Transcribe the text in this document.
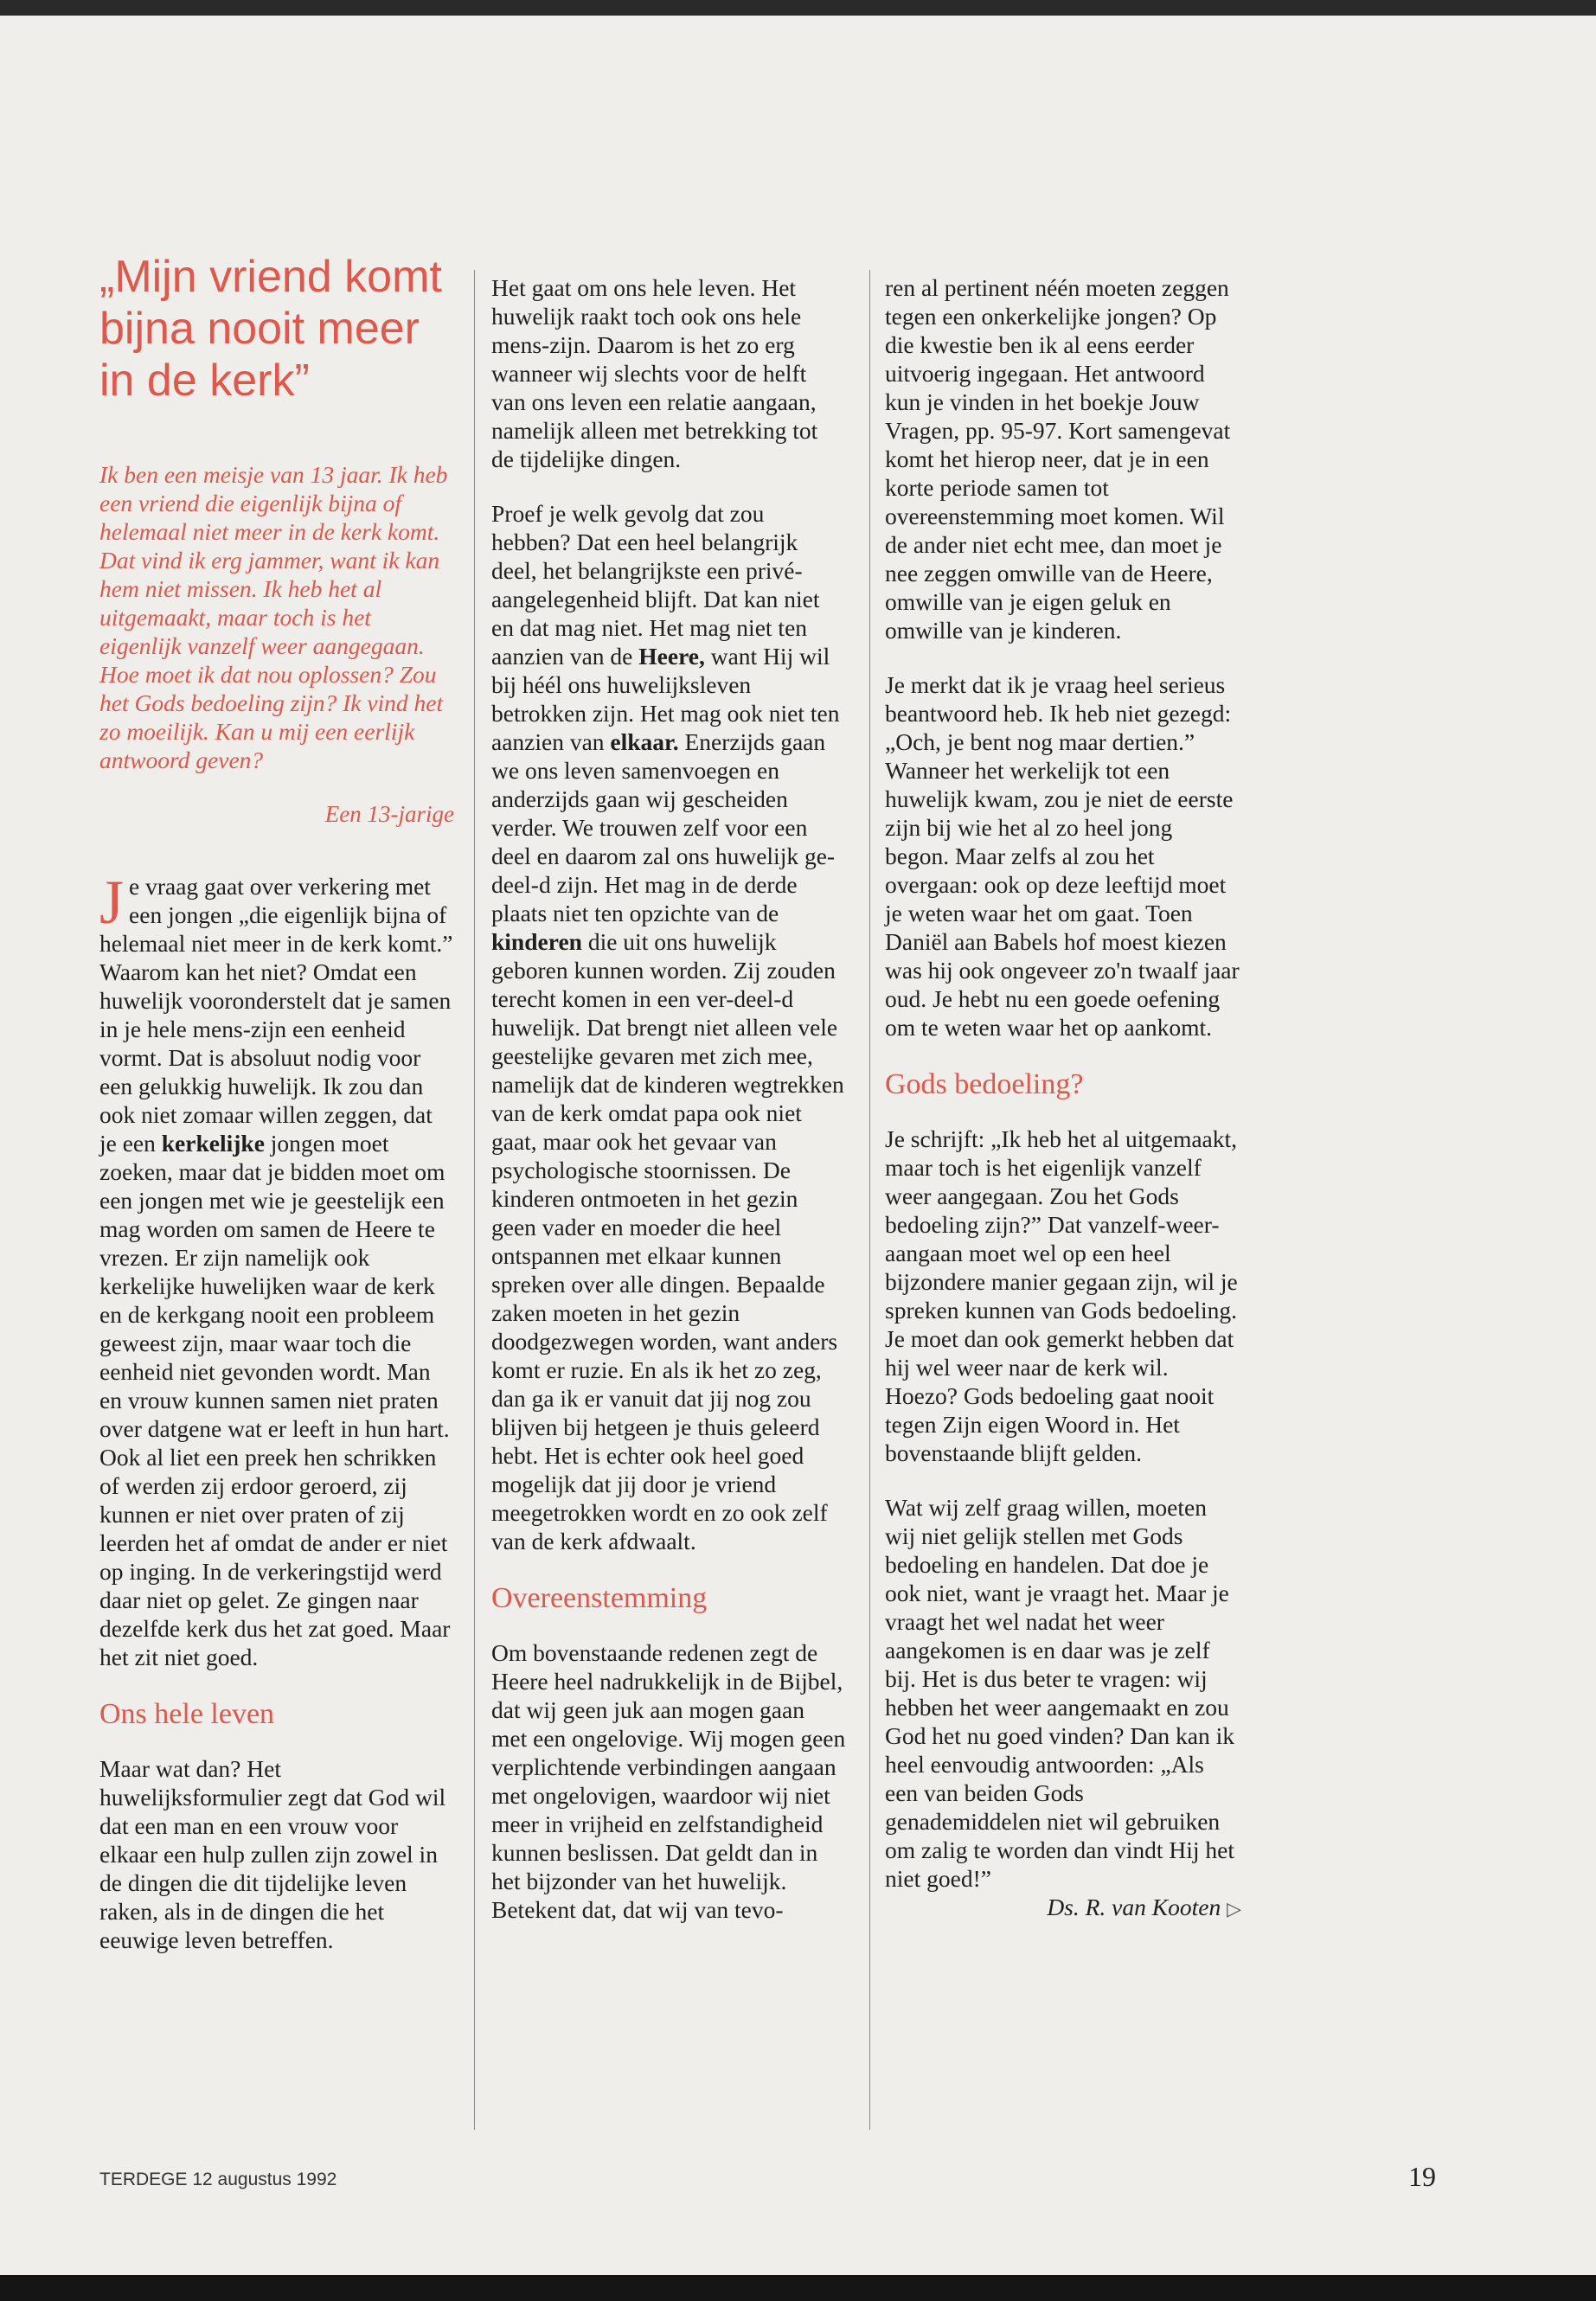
„Mijn vriend komt bijna nooit meer in de kerk”

Ik ben een meisje van 13 jaar. Ik heb een vriend die eigenlijk bijna of helemaal niet meer in de kerk komt. Dat vind ik erg jammer, want ik kan hem niet missen. Ik heb het al uitgemaakt, maar toch is het eigenlijk vanzelf weer aangegaan. Hoe moet ik dat nou oplossen? Zou het Gods bedoeling zijn? Ik vind het zo moeilijk. Kan u mij een eerlijk antwoord geven?

Een 13-jarige

Je vraag gaat over verkering met een jongen „die eigenlijk bijna of helemaal niet meer in de kerk komt.” Waarom kan het niet? Omdat een huwelijk vooronderstelt dat je samen in je hele mens-zijn een eenheid vormt. Dat is absoluut nodig voor een gelukkig huwelijk. Ik zou dan ook niet zomaar willen zeggen, dat je een kerkelijke jongen moet zoeken, maar dat je bidden moet om een jongen met wie je geestelijk een mag worden om samen de Heere te vrezen. Er zijn namelijk ook kerkelijke huwelijken waar de kerk en de kerkgang nooit een probleem geweest zijn, maar waar toch die eenheid niet gevonden wordt. Man en vrouw kunnen samen niet praten over datgene wat er leeft in hun hart. Ook al liet een preek hen schrikken of werden zij erdoor geroerd, zij kunnen er niet over praten of zij leerden het af omdat de ander er niet op inging. In de verkeringstijd werd daar niet op gelet. Ze gingen naar dezelfde kerk dus het zat goed. Maar het zit niet goed.

Ons hele leven

Maar wat dan? Het huwelijksformulier zegt dat God wil dat een man en een vrouw voor elkaar een hulp zullen zijn zowel in de dingen die dit tijdelijke leven raken, als in de dingen die het eeuwige leven betreffen.

Het gaat om ons hele leven. Het huwelijk raakt toch ook ons hele mens-zijn. Daarom is het zo erg wanneer wij slechts voor de helft van ons leven een relatie aangaan, namelijk alleen met betrekking tot de tijdelijke dingen.

Proef je welk gevolg dat zou hebben? Dat een heel belangrijk deel, het belangrijkste een privé-aangelegenheid blijft. Dat kan niet en dat mag niet. Het mag niet ten aanzien van de Heere, want Hij wil bij héél ons huwelijksleven betrokken zijn. Het mag ook niet ten aanzien van elkaar. Enerzijds gaan we ons leven samenvoegen en anderzijds gaan wij gescheiden verder. We trouwen zelf voor een deel en daarom zal ons huwelijk ge-deel-d zijn. Het mag in de derde plaats niet ten opzichte van de kinderen die uit ons huwelijk geboren kunnen worden. Zij zouden terecht komen in een ver-deel-d huwelijk. Dat brengt niet alleen vele geestelijke gevaren met zich mee, namelijk dat de kinderen wegtrekken van de kerk omdat papa ook niet gaat, maar ook het gevaar van psychologische stoornissen. De kinderen ontmoeten in het gezin geen vader en moeder die heel ontspannen met elkaar kunnen spreken over alle dingen. Bepaalde zaken moeten in het gezin doodgezwegen worden, want anders komt er ruzie. En als ik het zo zeg, dan ga ik er vanuit dat jij nog zou blijven bij hetgeen je thuis geleerd hebt. Het is echter ook heel goed mogelijk dat jij door je vriend meegetrokken wordt en zo ook zelf van de kerk afdwaalt.

Overeenstemming

Om bovenstaande redenen zegt de Heere heel nadrukkelijk in de Bijbel, dat wij geen juk aan mogen gaan met een ongelovige. Wij mogen geen verplichtende verbindingen aangaan met ongelovigen, waardoor wij niet meer in vrijheid en zelfstandigheid kunnen beslissen. Dat geldt dan in het bijzonder van het huwelijk. Betekent dat, dat wij van tevo-

ren al pertinent néén moeten zeggen tegen een onkerkelijke jongen? Op die kwestie ben ik al eens eerder uitvoerig ingegaan. Het antwoord kun je vinden in het boekje Jouw Vragen, pp. 95-97. Kort samengevat komt het hierop neer, dat je in een korte periode samen tot overeenstemming moet komen. Wil de ander niet echt mee, dan moet je nee zeggen omwille van de Heere, omwille van je eigen geluk en omwille van je kinderen.

Je merkt dat ik je vraag heel serieus beantwoord heb. Ik heb niet gezegd: „Och, je bent nog maar dertien.” Wanneer het werkelijk tot een huwelijk kwam, zou je niet de eerste zijn bij wie het al zo heel jong begon. Maar zelfs al zou het overgaan: ook op deze leeftijd moet je weten waar het om gaat. Toen Daniël aan Babels hof moest kiezen was hij ook ongeveer zo'n twaalf jaar oud. Je hebt nu een goede oefening om te weten waar het op aankomt.

Gods bedoeling?

Je schrijft: „Ik heb het al uitgemaakt, maar toch is het eigenlijk vanzelf weer aangegaan. Zou het Gods bedoeling zijn?” Dat vanzelf-weer-aangaan moet wel op een heel bijzondere manier gegaan zijn, wil je spreken kunnen van Gods bedoeling. Je moet dan ook gemerkt hebben dat hij wel weer naar de kerk wil. Hoezo? Gods bedoeling gaat nooit tegen Zijn eigen Woord in. Het bovenstaande blijft gelden.

Wat wij zelf graag willen, moeten wij niet gelijk stellen met Gods bedoeling en handelen. Dat doe je ook niet, want je vraagt het. Maar je vraagt het wel nadat het weer aangekomen is en daar was je zelf bij. Het is dus beter te vragen: wij hebben het weer aangemaakt en zou God het nu goed vinden? Dan kan ik heel eenvoudig antwoorden: „Als een van beiden Gods genademiddelen niet wil gebruiken om zalig te worden dan vindt Hij het niet goed!”

Ds. R. van Kooten ▷
TERDEGE 12 augustus 1992	19
